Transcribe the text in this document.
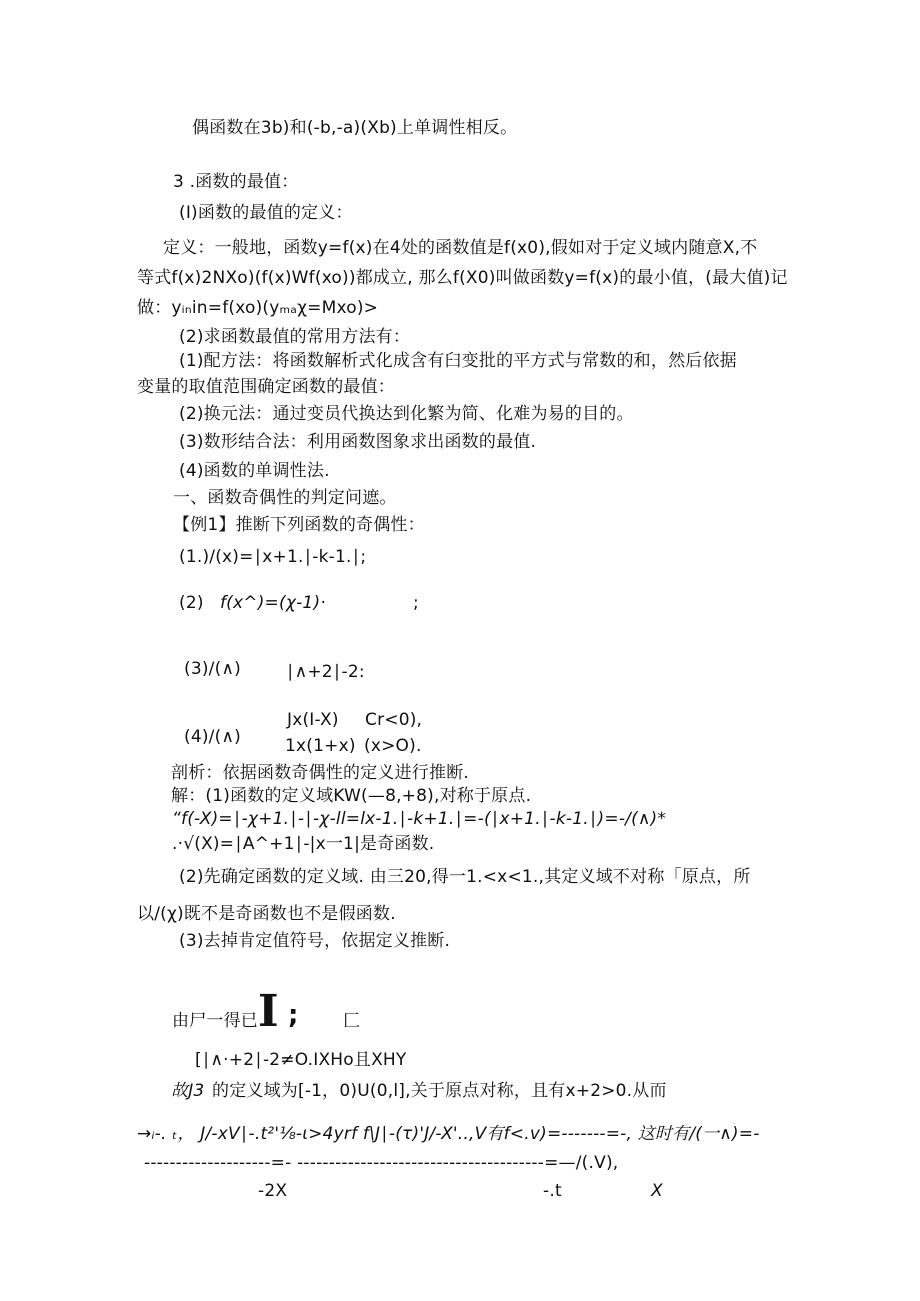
偶函数在3b)和(-b,-a)(Xb)上单调性相反。
3 .函数的最值：
(I)函数的最值的定义：
定义：一般地，函数y=f(x)在4处的函数值是f(x0),假如对于定义域内随意X,不
等式f(x)2NXo)(f(x)Wf(xo))都成立, 那么f(X0)叫做函数y=f(x)的最小值，(最大值)记
做：yᵢₙin=f(xo)(yₘₐχ=Mxo)>
(2)求函数最值的常用方法有：
(1)配方法：将函数解析式化成含有臼变批的平方式与常数的和，然后依据
变量的取值范围确定函数的最值：
(2)换元法：通过变员代换达到化繁为简、化难为易的目的。
(3)数形结合法：利用函数图象求出函数的最值.
(4)函数的单调性法.
一、函数奇偶性的判定问遮。
【例1】推断下列函数的奇偶性：
(1.)/(x)=∣x+1.∣-k-1.∣;
(2) f(x^)=(χ-1)·	;
(3)/(∧)	∣∧+2∣-2:
Jx(I-X) Cr<0),
(4)/(∧)	1x(1+x) (x>O).
剖析：依据函数奇偶性的定义进行推断.
解：(1)函数的定义域KW(—8,+8),对称于原点.
“f(-X)=∣-χ+1.∣-∣-χ-ll=lx-1.∣-k+1.∣=-(∣x+1.∣-k-1.∣)=-∕(∧)*
.·√(X)=∣A^+1∣-|x一1|是奇函数.
(2)先确定函数的定义域. 由三20,得一1.<x<1.,其定义域不对称「原点，所
以/(χ)既不是奇函数也不是假函数.
(3)去掉肯定值符号，依据定义推断.
由尸一得已 I ;	匚
[∣∧·+2∣-2≠O.IXHo且XHY
故J3 的定义域为[-1，0)U(0,l],关于原点对称，且有x+2>0.从而
→ᵢ-. ₜ， J/-xV∣-.t²'⅛-ι>4yrf f\J∣-(τ)'J/-X'..,V有f<.v)=-------=-, 这时有/(一∧)=-
--------------------=- ---------------------------------------=—/(.V),
-2X	-.t	X
